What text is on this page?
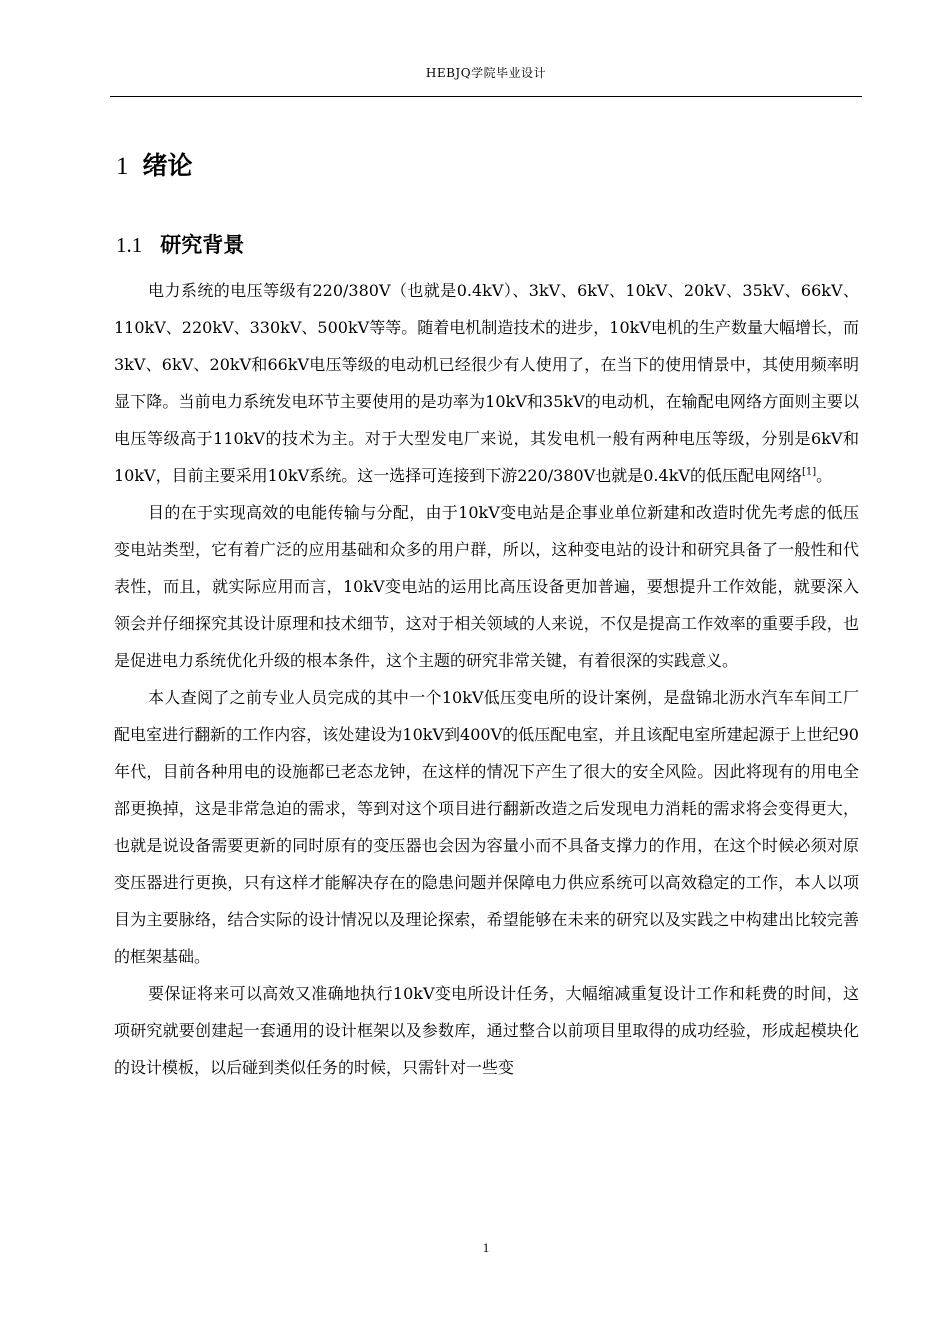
HEBJQ学院毕业设计
1 绪论
1.1 研究背景

电力系统的电压等级有220/380V（也就是0.4kV）、3kV、6kV、10kV、20kV、35kV、66kV、110kV、220kV、330kV、500kV等等。随着电机制造技术的进步，10kV电机的生产数量大幅增长，而3kV、6kV、20kV和66kV电压等级的电动机已经很少有人使用了，在当下的使用情景中，其使用频率明显下降。当前电力系统发电环节主要使用的是功率为10kV和35kV的电动机，在输配电网络方面则主要以电压等级高于110kV的技术为主。对于大型发电厂来说，其发电机一般有两种电压等级，分别是6kV和10kV，目前主要采用10kV系统。这一选择可连接到下游220/380V也就是0.4kV的低压配电网络[1]。

目的在于实现高效的电能传输与分配，由于10kV变电站是企事业单位新建和改造时优先考虑的低压变电站类型，它有着广泛的应用基础和众多的用户群，所以，这种变电站的设计和研究具备了一般性和代表性，而且，就实际应用而言，10kV变电站的运用比高压设备更加普遍，要想提升工作效能，就要深入领会并仔细探究其设计原理和技术细节，这对于相关领域的人来说，不仅是提高工作效率的重要手段，也是促进电力系统优化升级的根本条件，这个主题的研究非常关键，有着很深的实践意义。

本人查阅了之前专业人员完成的其中一个10kV低压变电所的设计案例，是盘锦北沥水汽车车间工厂配电室进行翻新的工作内容，该处建设为10kV到400V的低压配电室，并且该配电室所建起源于上世纪90年代，目前各种用电的设施都已老态龙钟，在这样的情况下产生了很大的安全风险。因此将现有的用电全部更换掉，这是非常急迫的需求，等到对这个项目进行翻新改造之后发现电力消耗的需求将会变得更大，也就是说设备需要更新的同时原有的变压器也会因为容量小而不具备支撑力的作用，在这个时候必须对原变压器进行更换，只有这样才能解决存在的隐患问题并保障电力供应系统可以高效稳定的工作，本人以项目为主要脉络，结合实际的设计情况以及理论探索，希望能够在未来的研究以及实践之中构建出比较完善的框架基础。

要保证将来可以高效又准确地执行10kV变电所设计任务，大幅缩减重复设计工作和耗费的时间，这项研究就要创建起一套通用的设计框架以及参数库，通过整合以前项目里取得的成功经验，形成起模块化的设计模板，以后碰到类似任务的时候，只需针对一些变

1
